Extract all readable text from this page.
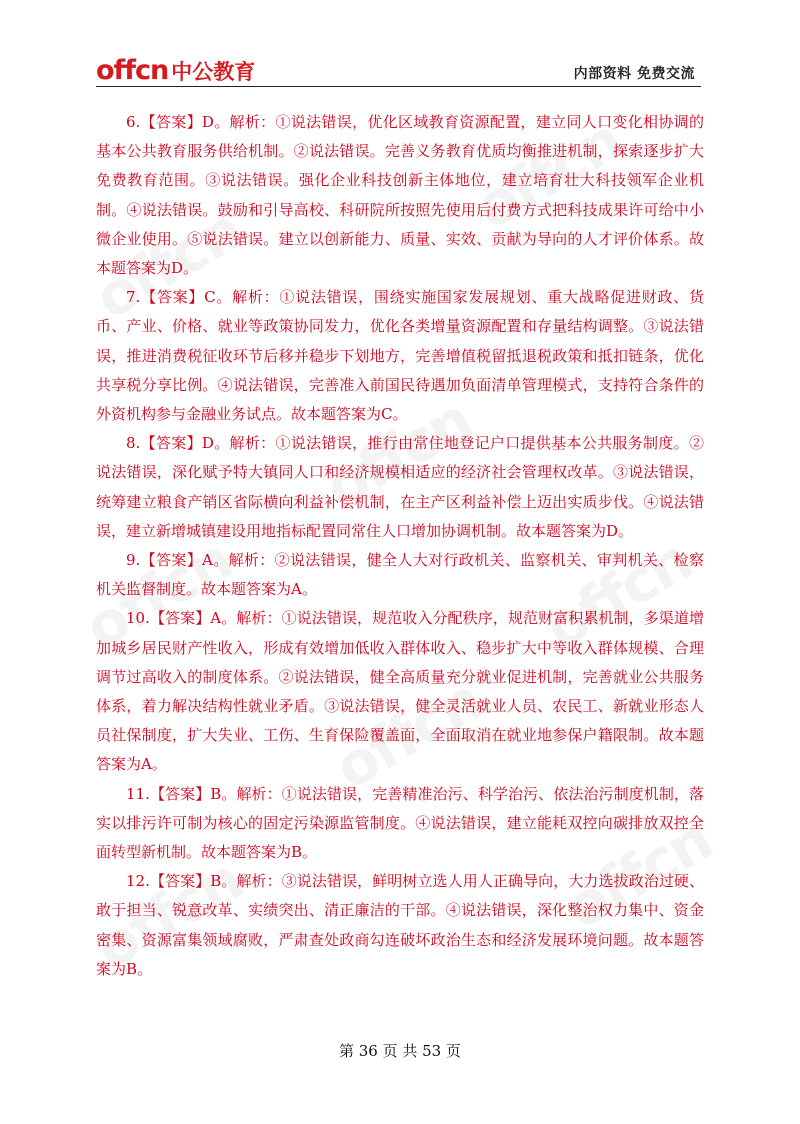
offcn 中公教育	内部资料 免费交流

6.【答案】D。解析：①说法错误，优化区域教育资源配置，建立同人口变化相协调的基本公共教育服务供给机制。②说法错误。完善义务教育优质均衡推进机制，探索逐步扩大免费教育范围。③说法错误。强化企业科技创新主体地位，建立培育壮大科技领军企业机制。④说法错误。鼓励和引导高校、科研院所按照先使用后付费方式把科技成果许可给中小微企业使用。⑤说法错误。建立以创新能力、质量、实效、贡献为导向的人才评价体系。故本题答案为D。

7.【答案】C。解析：①说法错误，围绕实施国家发展规划、重大战略促进财政、货币、产业、价格、就业等政策协同发力，优化各类增量资源配置和存量结构调整。③说法错误，推进消费税征收环节后移并稳步下划地方，完善增值税留抵退税政策和抵扣链条，优化共享税分享比例。④说法错误，完善准入前国民待遇加负面清单管理模式，支持符合条件的外资机构参与金融业务试点。故本题答案为C。

8.【答案】D。解析：①说法错误，推行由常住地登记户口提供基本公共服务制度。②说法错误，深化赋予特大镇同人口和经济规模相适应的经济社会管理权改革。③说法错误，统筹建立粮食产销区省际横向利益补偿机制，在主产区利益补偿上迈出实质步伐。④说法错误，建立新增城镇建设用地指标配置同常住人口增加协调机制。故本题答案为D。

9.【答案】A。解析：②说法错误，健全人大对行政机关、监察机关、审判机关、检察机关监督制度。故本题答案为A。

10.【答案】A。解析：①说法错误，规范收入分配秩序，规范财富积累机制，多渠道增加城乡居民财产性收入，形成有效增加低收入群体收入、稳步扩大中等收入群体规模、合理调节过高收入的制度体系。②说法错误，健全高质量充分就业促进机制，完善就业公共服务体系，着力解决结构性就业矛盾。③说法错误，健全灵活就业人员、农民工、新就业形态人员社保制度，扩大失业、工伤、生育保险覆盖面，全面取消在就业地参保户籍限制。故本题答案为A。

11.【答案】B。解析：①说法错误，完善精准治污、科学治污、依法治污制度机制，落实以排污许可制为核心的固定污染源监管制度。④说法错误，建立能耗双控向碳排放双控全面转型新机制。故本题答案为B。

12.【答案】B。解析：③说法错误，鲜明树立选人用人正确导向，大力选拔政治过硬、敢于担当、锐意改革、实绩突出、清正廉洁的干部。④说法错误，深化整治权力集中、资金密集、资源富集领域腐败，严肃查处政商勾连破坏政治生态和经济发展环境问题。故本题答案为B。

第 36 页 共 53 页
